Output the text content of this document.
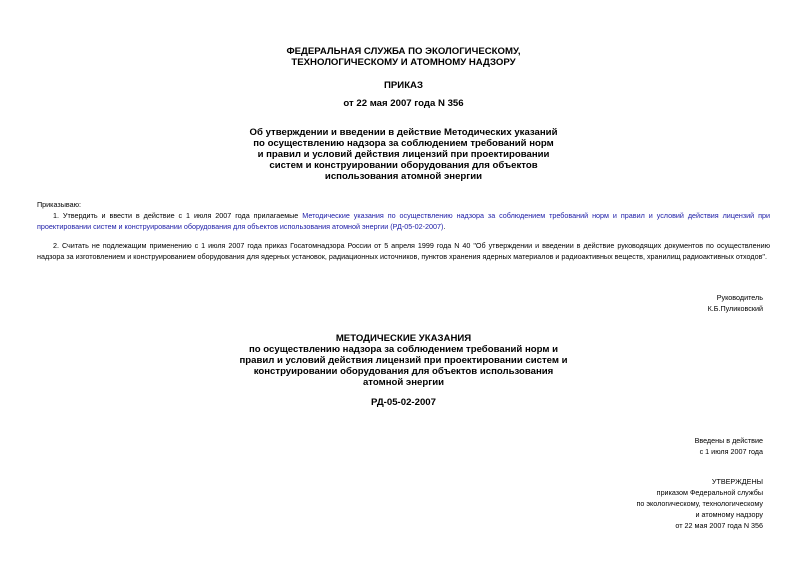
ФЕДЕРАЛЬНАЯ СЛУЖБА ПО ЭКОЛОГИЧЕСКОМУ,
ТЕХНОЛОГИЧЕСКОМУ И АТОМНОМУ НАДЗОРУ
ПРИКАЗ
от 22 мая 2007 года N 356
Об утверждении и введении в действие Методических указаний
по осуществлению надзора за соблюдением требований норм
и правил и условий действия лицензий при проектировании
систем и конструировании оборудования для объектов
использования атомной энергии
Приказываю:
1. Утвердить и ввести в действие с 1 июля 2007 года прилагаемые Методические указания по осуществлению надзора за соблюдением требований норм и правил и условий действия лицензий при проектировании систем и конструировании оборудования для объектов использования атомной энергии (РД-05-02-2007).
2. Считать не подлежащим применению с 1 июля 2007 года приказ Госатомнадзора России от 5 апреля 1999 года N 40 "Об утверждении и введении в действие руководящих документов по осуществлению надзора за изготовлением и конструированием оборудования для ядерных установок, радиационных источников, пунктов хранения ядерных материалов и радиоактивных веществ, хранилищ радиоактивных отходов".
Руководитель
К.Б.Пуликовский
МЕТОДИЧЕСКИЕ УКАЗАНИЯ
по осуществлению надзора за соблюдением требований норм и
правил и условий действия лицензий при проектировании систем и
конструировании оборудования для объектов использования
атомной энергии
РД-05-02-2007
Введены в действие
с 1 июля 2007 года
УТВЕРЖДЕНЫ
приказом Федеральной службы
по экологическому, технологическому
и атомному надзору
от 22 мая 2007 года N 356
